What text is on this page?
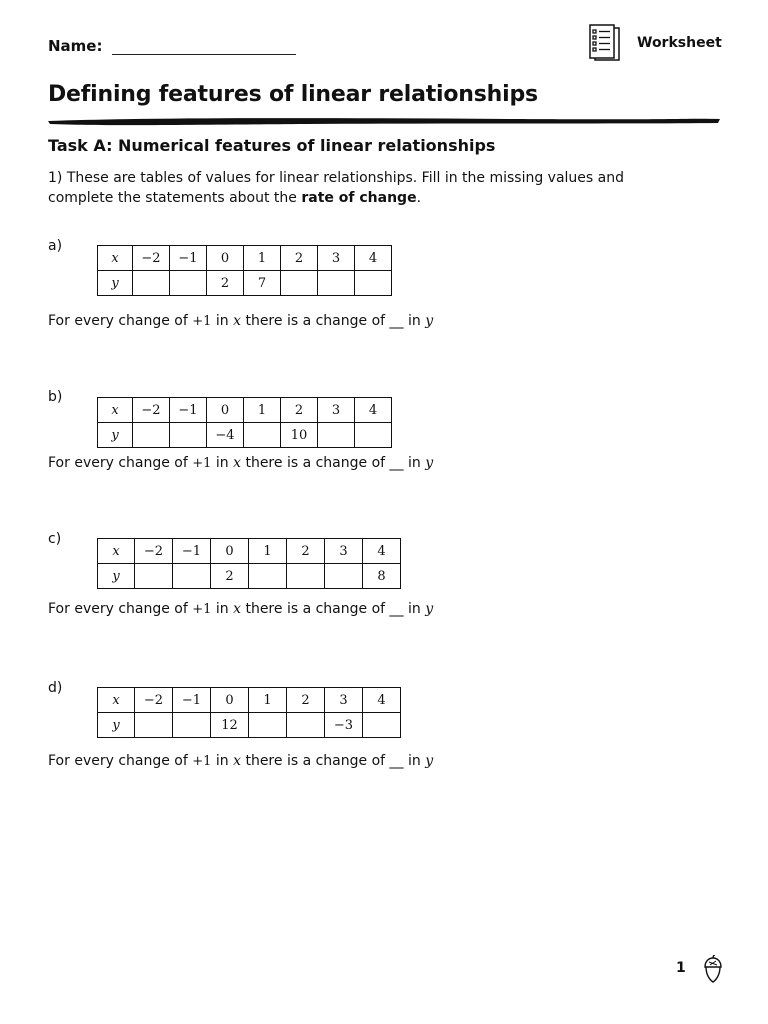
Name:	Worksheet
Defining features of linear relationships
Task A: Numerical features of linear relationships

1) These are tables of values for linear relationships. Fill in the missing values and complete the statements about the rate of change.

a)
x	−2	−1	0	1	2	3	4
y			2	7			
For every change of +1 in x there is a change of __ in y
b)
x	−2	−1	0	1	2	3	4
y			−4		10		
For every change of +1 in x there is a change of __ in y
c)
x	−2	−1	0	1	2	3	4
y			2				8
For every change of +1 in x there is a change of __ in y
d)
x	−2	−1	0	1	2	3	4
y			12			−3	
For every change of +1 in x there is a change of __ in y
1
